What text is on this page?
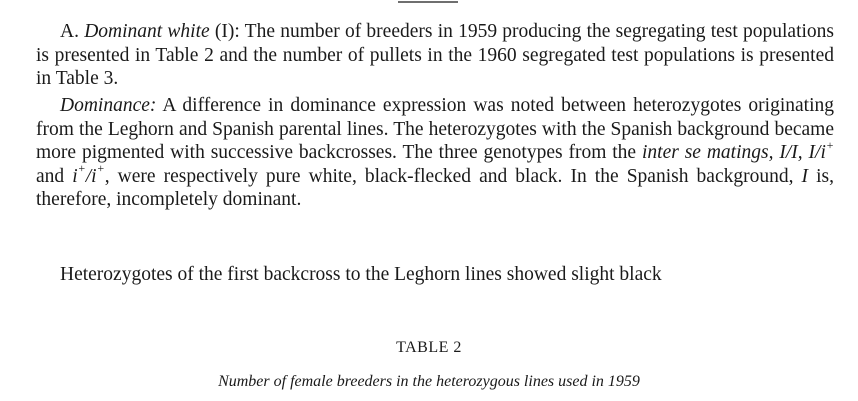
A. Dominant white (I): The number of breeders in 1959 producing the segregating test populations is presented in Table 2 and the number of pullets in the 1960 segregated test populations is presented in Table 3.

Dominance: A difference in dominance expression was noted between heterozygotes originating from the Leghorn and Spanish parental lines. The heterozygotes with the Spanish background became more pigmented with successive backcrosses. The three genotypes from the inter se matings, I/I, I/i+ and i+/i+, were respectively pure white, black-flecked and black. In the Spanish background, I is, therefore, incompletely dominant.

Heterozygotes of the first backcross to the Leghorn lines showed slight black

TABLE 2

Number of female breeders in the heterozygous lines used in 1959
